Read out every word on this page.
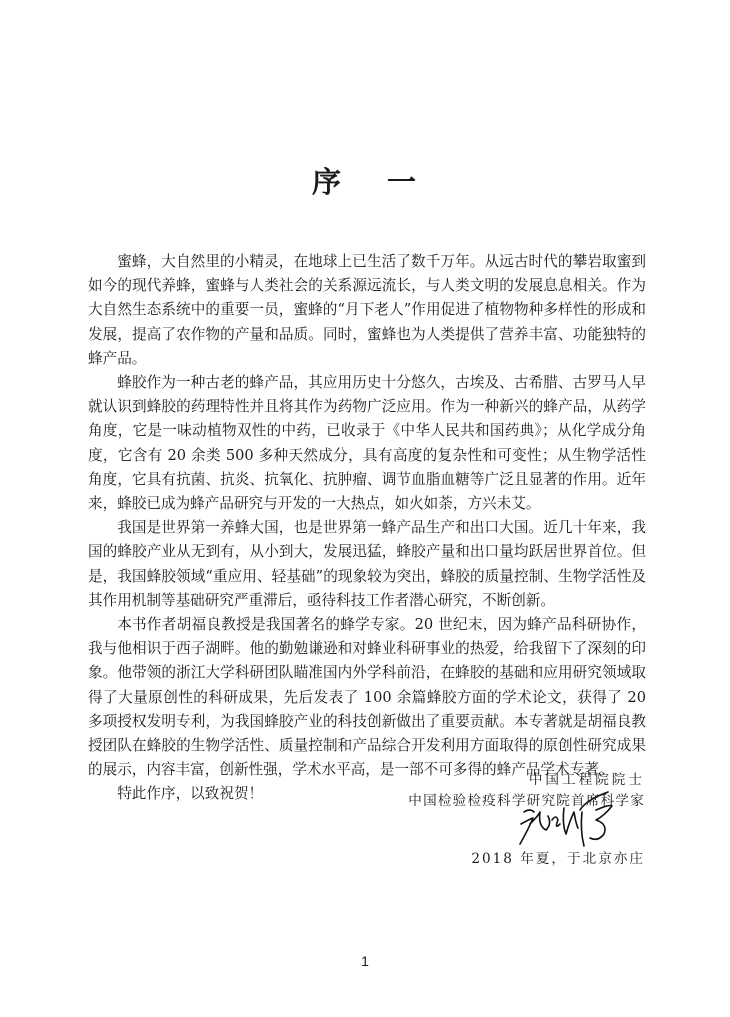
序 一

蜜蜂，大自然里的小精灵，在地球上已生活了数千万年。从远古时代的攀岩取蜜到如今的现代养蜂，蜜蜂与人类社会的关系源远流长，与人类文明的发展息息相关。作为大自然生态系统中的重要一员，蜜蜂的“月下老人”作用促进了植物物种多样性的形成和发展，提高了农作物的产量和品质。同时，蜜蜂也为人类提供了营养丰富、功能独特的蜂产品。

蜂胶作为一种古老的蜂产品，其应用历史十分悠久，古埃及、古希腊、古罗马人早就认识到蜂胶的药理特性并且将其作为药物广泛应用。作为一种新兴的蜂产品，从药学角度，它是一味动植物双性的中药，已收录于《中华人民共和国药典》；从化学成分角度，它含有 20 余类 500 多种天然成分，具有高度的复杂性和可变性；从生物学活性角度，它具有抗菌、抗炎、抗氧化、抗肿瘤、调节血脂血糖等广泛且显著的作用。近年来，蜂胶已成为蜂产品研究与开发的一大热点，如火如荼，方兴未艾。

我国是世界第一养蜂大国，也是世界第一蜂产品生产和出口大国。近几十年来，我国的蜂胶产业从无到有，从小到大，发展迅猛，蜂胶产量和出口量均跃居世界首位。但是，我国蜂胶领域“重应用、轻基础”的现象较为突出，蜂胶的质量控制、生物学活性及其作用机制等基础研究严重滞后，亟待科技工作者潜心研究，不断创新。

本书作者胡福良教授是我国著名的蜂学专家。20 世纪末，因为蜂产品科研协作，我与他相识于西子湖畔。他的勤勉谦逊和对蜂业科研事业的热爱，给我留下了深刻的印象。他带领的浙江大学科研团队瞄准国内外学科前沿，在蜂胶的基础和应用研究领域取得了大量原创性的科研成果，先后发表了 100 余篇蜂胶方面的学术论文，获得了 20 多项授权发明专利，为我国蜂胶产业的科技创新做出了重要贡献。本专著就是胡福良教授团队在蜂胶的生物学活性、质量控制和产品综合开发利用方面取得的原创性研究成果的展示，内容丰富，创新性强，学术水平高，是一部不可多得的蜂产品学术专著。

特此作序，以致祝贺！

中国工程院院士
中国检验检疫科学研究院首席科学家
2018 年夏，于北京亦庄
1
